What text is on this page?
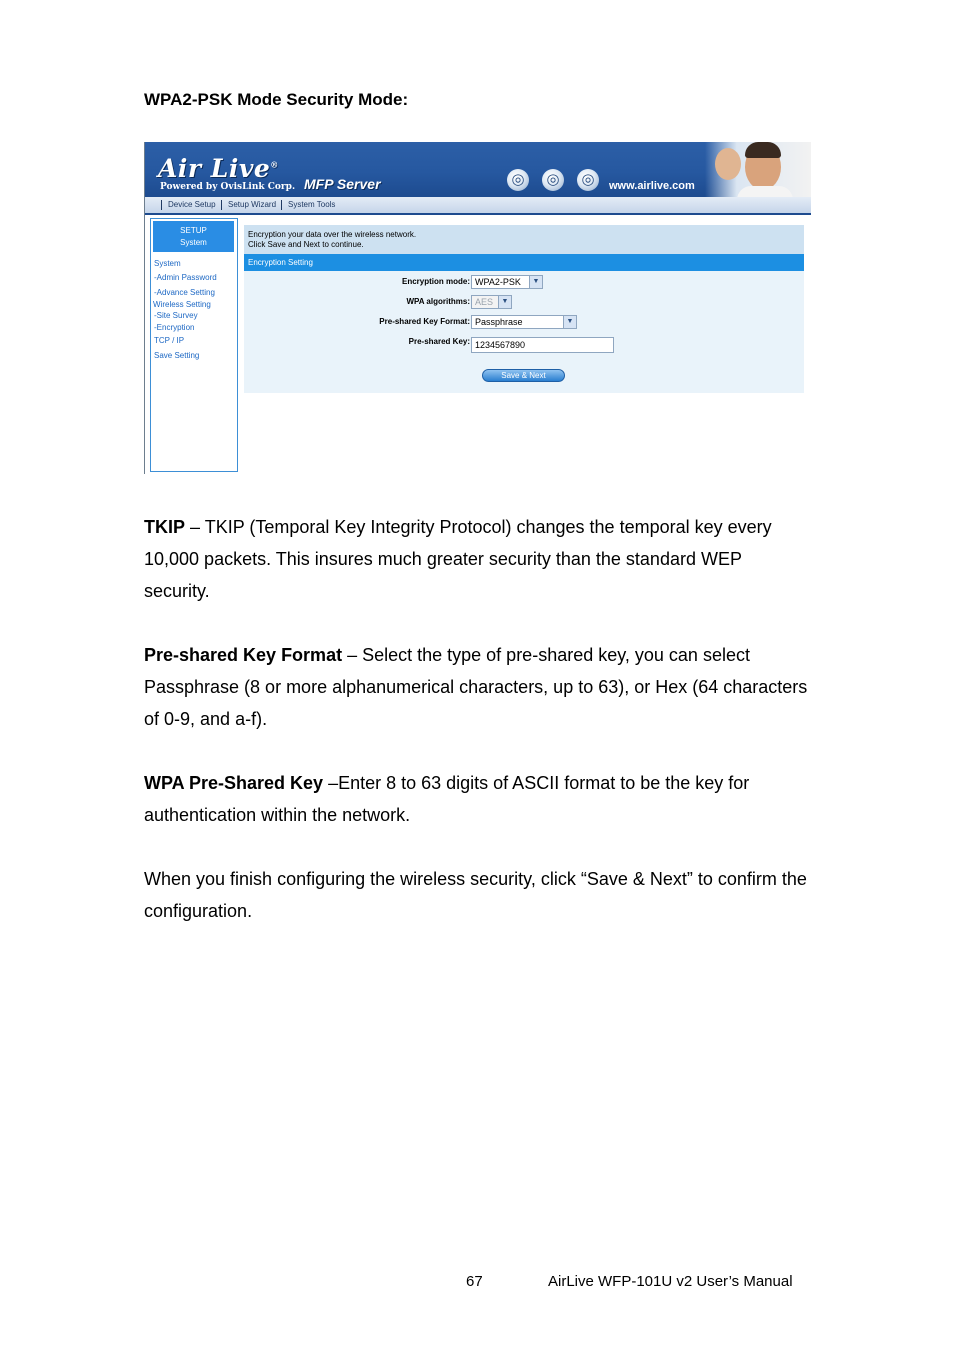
WPA2-PSK Mode Security Mode:
Air Live®
Powered by OvisLink Corp. MFP Server	◎ ◎ ◎	www.airlive.com
Device Setup	Setup Wizard	System Tools
SETUP
System
System
-Admin Password
-Advance Setting
Wireless Setting
-Site Survey
-Encryption
TCP / IP
Save Setting
Encryption your data over the wireless network.
Click Save and Next to continue.
Encryption Setting
Encryption mode: WPA2-PSK	▼
WPA algorithms: AES	▼
Pre-shared Key Format: Passphrase	▼
Pre-shared Key: 1234567890
Save & Next

TKIP – TKIP (Temporal Key Integrity Protocol) changes the temporal key every 10,000 packets. This insures much greater security than the standard WEP security.

Pre-shared Key Format – Select the type of pre-shared key, you can select Passphrase (8 or more alphanumerical characters, up to 63), or Hex (64 characters of 0-9, and a-f).

WPA Pre-Shared Key –Enter 8 to 63 digits of ASCII format to be the key for authentication within the network.

When you finish configuring the wireless security, click “Save & Next” to confirm the configuration.

67	AirLive WFP-101U v2 User’s Manual
